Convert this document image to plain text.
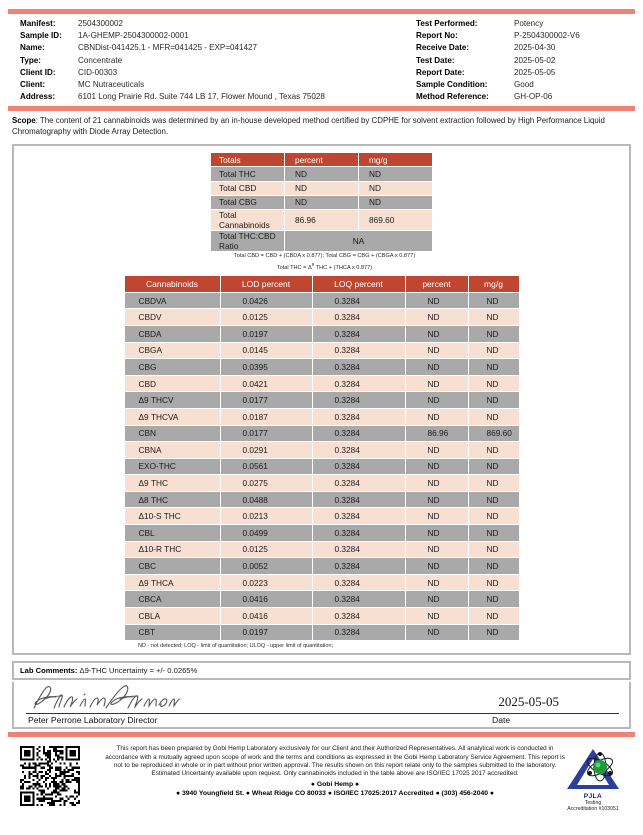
Manifest:	2504300002
Sample ID:	1A-GHEMP-2504300002-0001
Name:	CBNDist-041425.1 - MFR=041425 - EXP=041427
Type:	Concentrate
Client ID:	CID-00303
Client:	MC Nutraceuticals
Address:	6101 Long Prairie Rd. Suite 744 LB 17, Flower Mound , Texas 75028
Test Performed:	Potency
Report No:	P-2504300002-V6
Receive Date:	2025-04-30
Test Date:	2025-05-02
Report Date:	2025-05-05
Sample Condition:	Good
Method Reference:	GH-OP-06
Scope: The content of 21 cannabinoids was determined by an in-house developed method certified by CDPHE for solvent extraction followed by High Performance Liquid Chromatography with Diode Array Detection.
Totals	percent	mg/g
Total THC	ND	ND
Total CBD	ND	ND
Total CBG	ND	ND
Total Cannabinoids	86.96	869.60
Total THC:CBD Ratio	NA	
Total CBD = CBD + (CBDA x 0.877); Total CBG = CBG + (CBGA x 0.877)
Total THC = $\Delta^9$ THC + (THCA x 0.877)
Cannabinoids	LOD percent	LOQ percent	percent	mg/g
CBDVA	0.0426	0.3284	ND	ND
CBDV	0.0125	0.3284	ND	ND
CBDA	0.0197	0.3284	ND	ND
CBGA	0.0145	0.3284	ND	ND
CBG	0.0395	0.3284	ND	ND
CBD	0.0421	0.3284	ND	ND
Δ9 THCV	0.0177	0.3284	ND	ND
Δ9 THCVA	0.0187	0.3284	ND	ND
CBN	0.0177	0.3284	86.96	869.60
CBNA	0.0291	0.3284	ND	ND
EXO-THC	0.0561	0.3284	ND	ND
Δ9 THC	0.0275	0.3284	ND	ND
Δ8 THC	0.0488	0.3284	ND	ND
Δ10-S THC	0.0213	0.3284	ND	ND
CBL	0.0499	0.3284	ND	ND
Δ10-R THC	0.0125	0.3284	ND	ND
CBC	0.0052	0.3284	ND	ND
Δ9 THCA	0.0223	0.3284	ND	ND
CBCA	0.0416	0.3284	ND	ND
CBLA	0.0416	0.3284	ND	ND
CBT	0.0197	0.3284	ND	ND
ND - not detected; LOQ - limit of quantitation; ULOQ - upper limit of quantitation;
Lab Comments: Δ9-THC Uncertainty = +/- 0.0265%
2025-05-05
Peter Perrone Laboratory Director	Date
This report has been prepared by Gobi Hemp Laboratory exclusively for our Client and their Authorized Representatives. All analytical work is conducted in accordance with a mutually agreed upon scope of work and the terms and conditions as expressed in the Gobi Hemp Laboratory Service Agreement. This report is not to be reproduced in whole or in part without prior written approval. The results shown on this report relate only to the samples submitted to the laboratory. Estimated Uncertainty available upon request. Only cannabinoids included in the table above are ISO/IEC 17025 2017 accredited.
● Gobi Hemp ●
● 3940 Youngfield St. ● Wheat Ridge CO 80033 ● ISO/IEC 17025:2017 Accredited ● (303) 456-2040 ●
PJLA
Testing
Accreditation #103051
